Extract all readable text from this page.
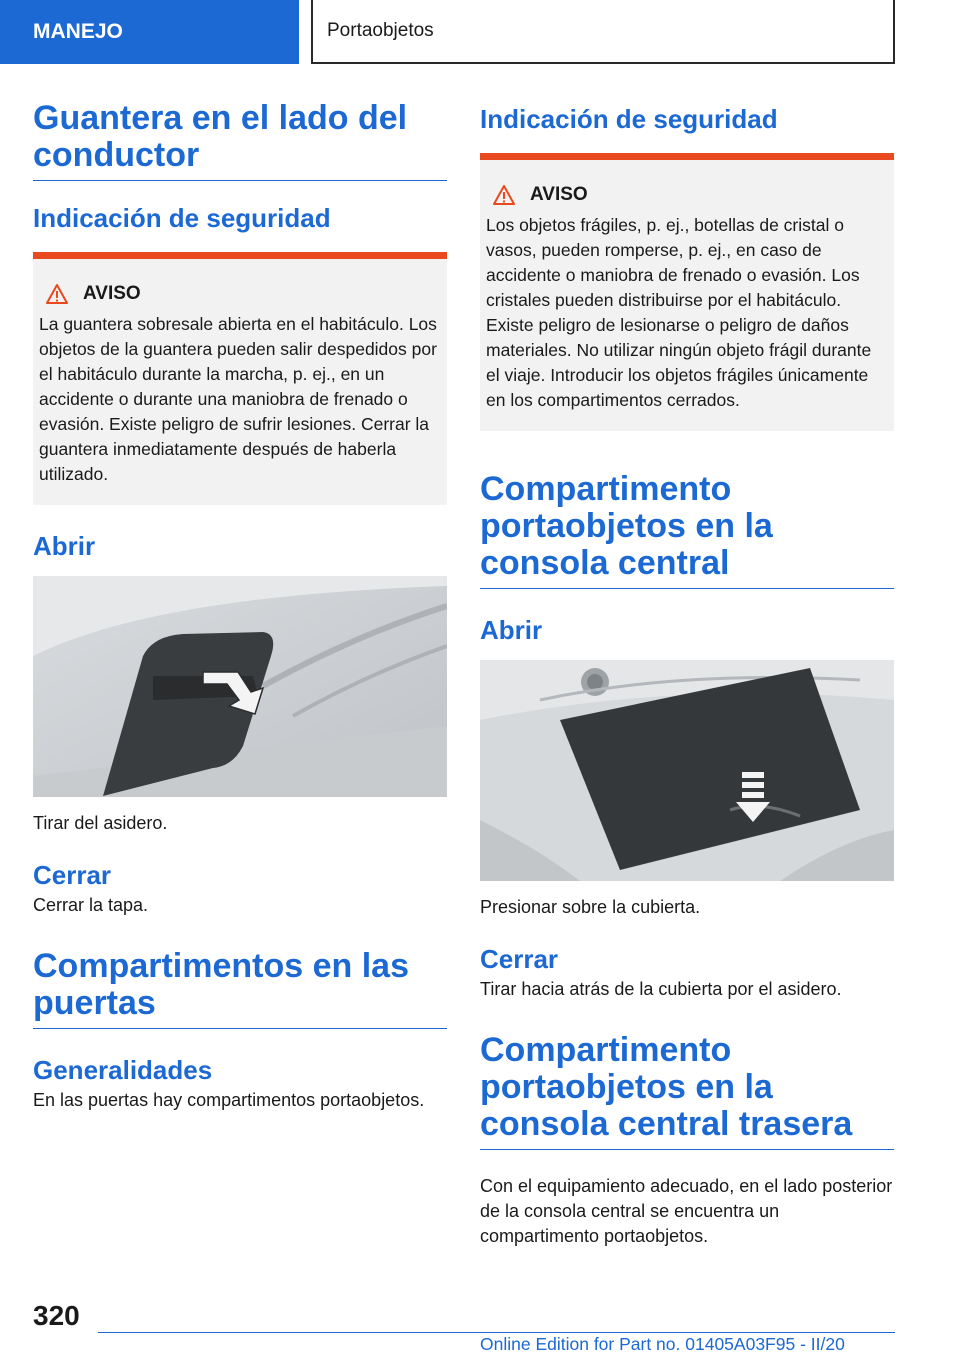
MANEJO	Portaobjetos
Guantera en el lado del conductor
Indicación de seguridad
AVISO

La guantera sobresale abierta en el habitáculo. Los objetos de la guantera pueden salir despedidos por el habitáculo durante la marcha, p. ej., en un accidente o durante una maniobra de frenado o evasión. Existe peligro de sufrir lesiones. Cerrar la guantera inmediatamente después de haberla utilizado.

Abrir

Tirar del asidero.

Cerrar

Cerrar la tapa.

Compartimentos en las puertas
Generalidades

En las puertas hay compartimentos portaobjetos.

Indicación de seguridad
AVISO

Los objetos frágiles, p. ej., botellas de cristal o vasos, pueden romperse, p. ej., en caso de accidente o maniobra de frenado o evasión. Los cristales pueden distribuirse por el habitáculo. Existe peligro de lesionarse o peligro de daños materiales. No utilizar ningún objeto frágil durante el viaje. Introducir los objetos frágiles únicamente en los compartimentos cerrados.

Compartimento portaobjetos en la consola central
Abrir

Presionar sobre la cubierta.

Cerrar

Tirar hacia atrás de la cubierta por el asidero.

Compartimento portaobjetos en la consola central trasera

Con el equipamiento adecuado, en el lado posterior de la consola central se encuentra un compartimento portaobjetos.

320
Online Edition for Part no. 01405A03F95 - II/20
